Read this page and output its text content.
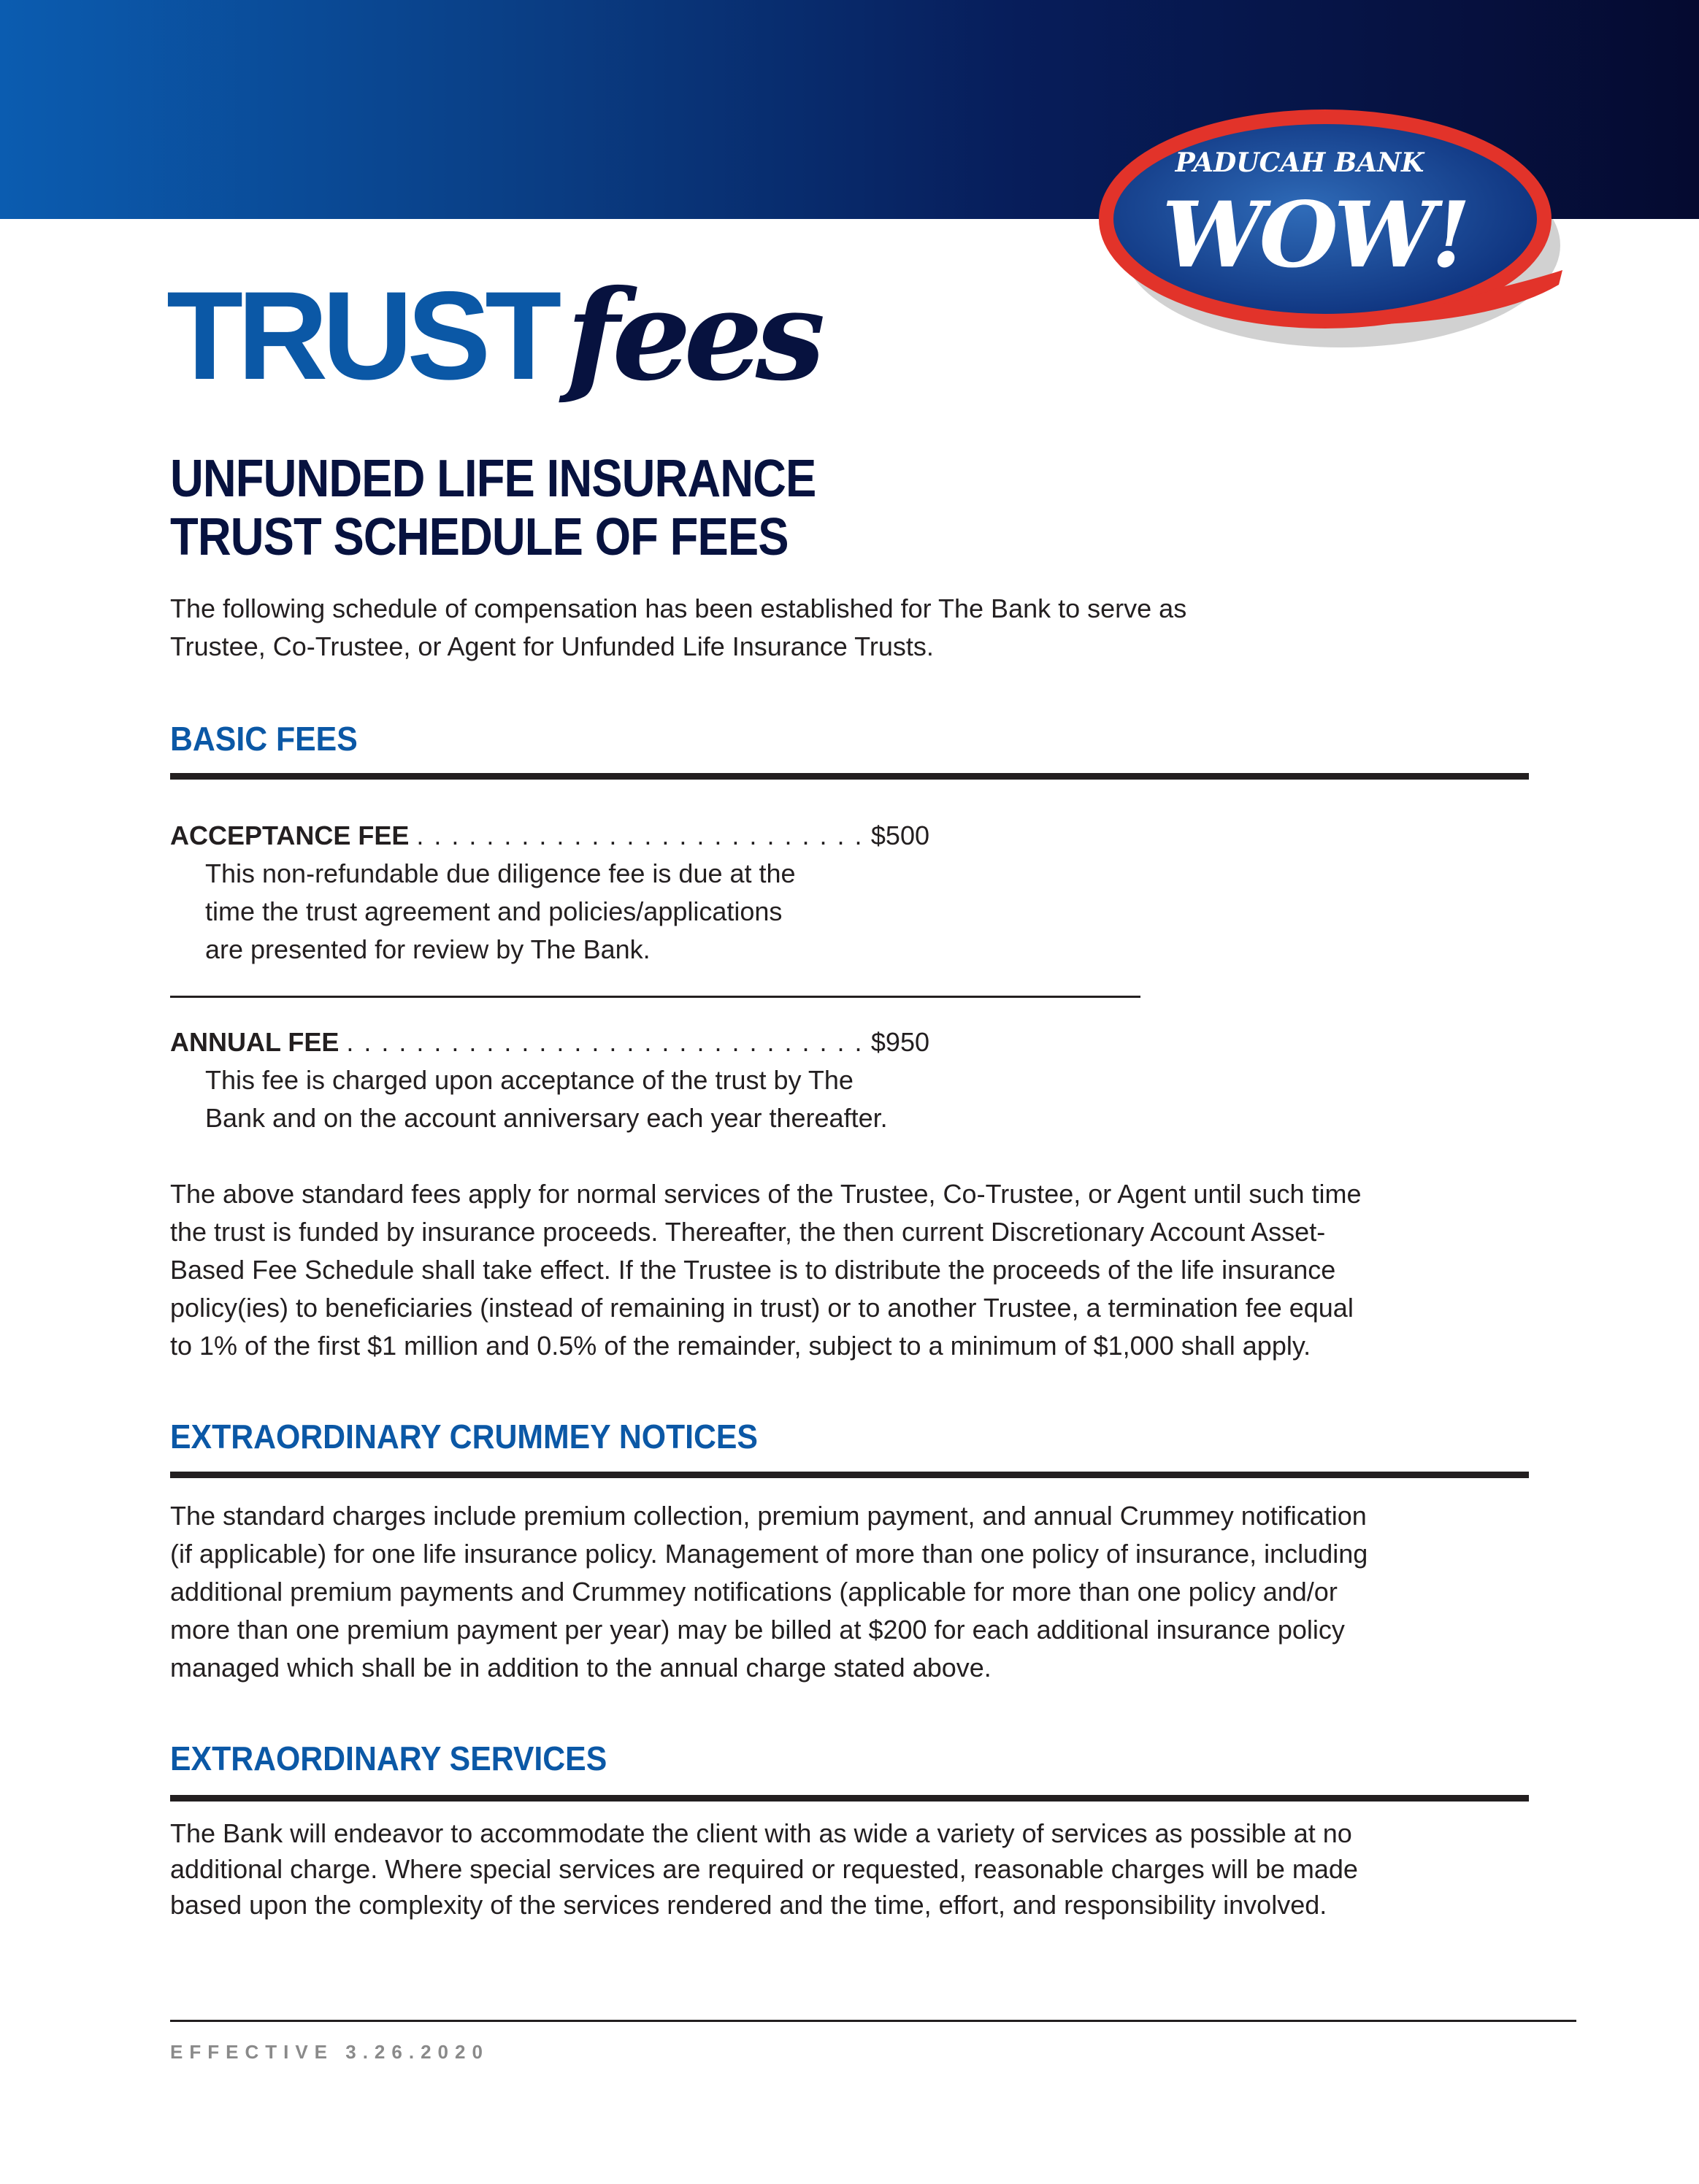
PADUCAH BANK
WOW!
TRUST fees
UNFUNDED LIFE INSURANCE
TRUST SCHEDULE OF FEES
The following schedule of compensation has been established for The Bank to serve as
Trustee, Co-Trustee, or Agent for Unfunded Life Insurance Trusts.
BASIC FEES
ACCEPTANCE FEE . . .	$500
This non-refundable due diligence fee is due at the
time the trust agreement and policies/applications
are presented for review by The Bank.
ANNUAL FEE . . .	$950
This fee is charged upon acceptance of the trust by The
Bank and on the account anniversary each year thereafter.
The above standard fees apply for normal services of the Trustee, Co-Trustee, or Agent until such time
the trust is funded by insurance proceeds. Thereafter, the then current Discretionary Account Asset-
Based Fee Schedule shall take effect. If the Trustee is to distribute the proceeds of the life insurance
policy(ies) to beneficiaries (instead of remaining in trust) or to another Trustee, a termination fee equal
to 1% of the first $1 million and 0.5% of the remainder, subject to a minimum of $1,000 shall apply.
EXTRAORDINARY CRUMMEY NOTICES
The standard charges include premium collection, premium payment, and annual Crummey notification
(if applicable) for one life insurance policy. Management of more than one policy of insurance, including
additional premium payments and Crummey notifications (applicable for more than one policy and/or
more than one premium payment per year) may be billed at $200 for each additional insurance policy
managed which shall be in addition to the annual charge stated above.
EXTRAORDINARY SERVICES
The Bank will endeavor to accommodate the client with as wide a variety of services as possible at no
additional charge. Where special services are required or requested, reasonable charges will be made
based upon the complexity of the services rendered and the time, effort, and responsibility involved.
EFFECTIVE 3.26.2020
